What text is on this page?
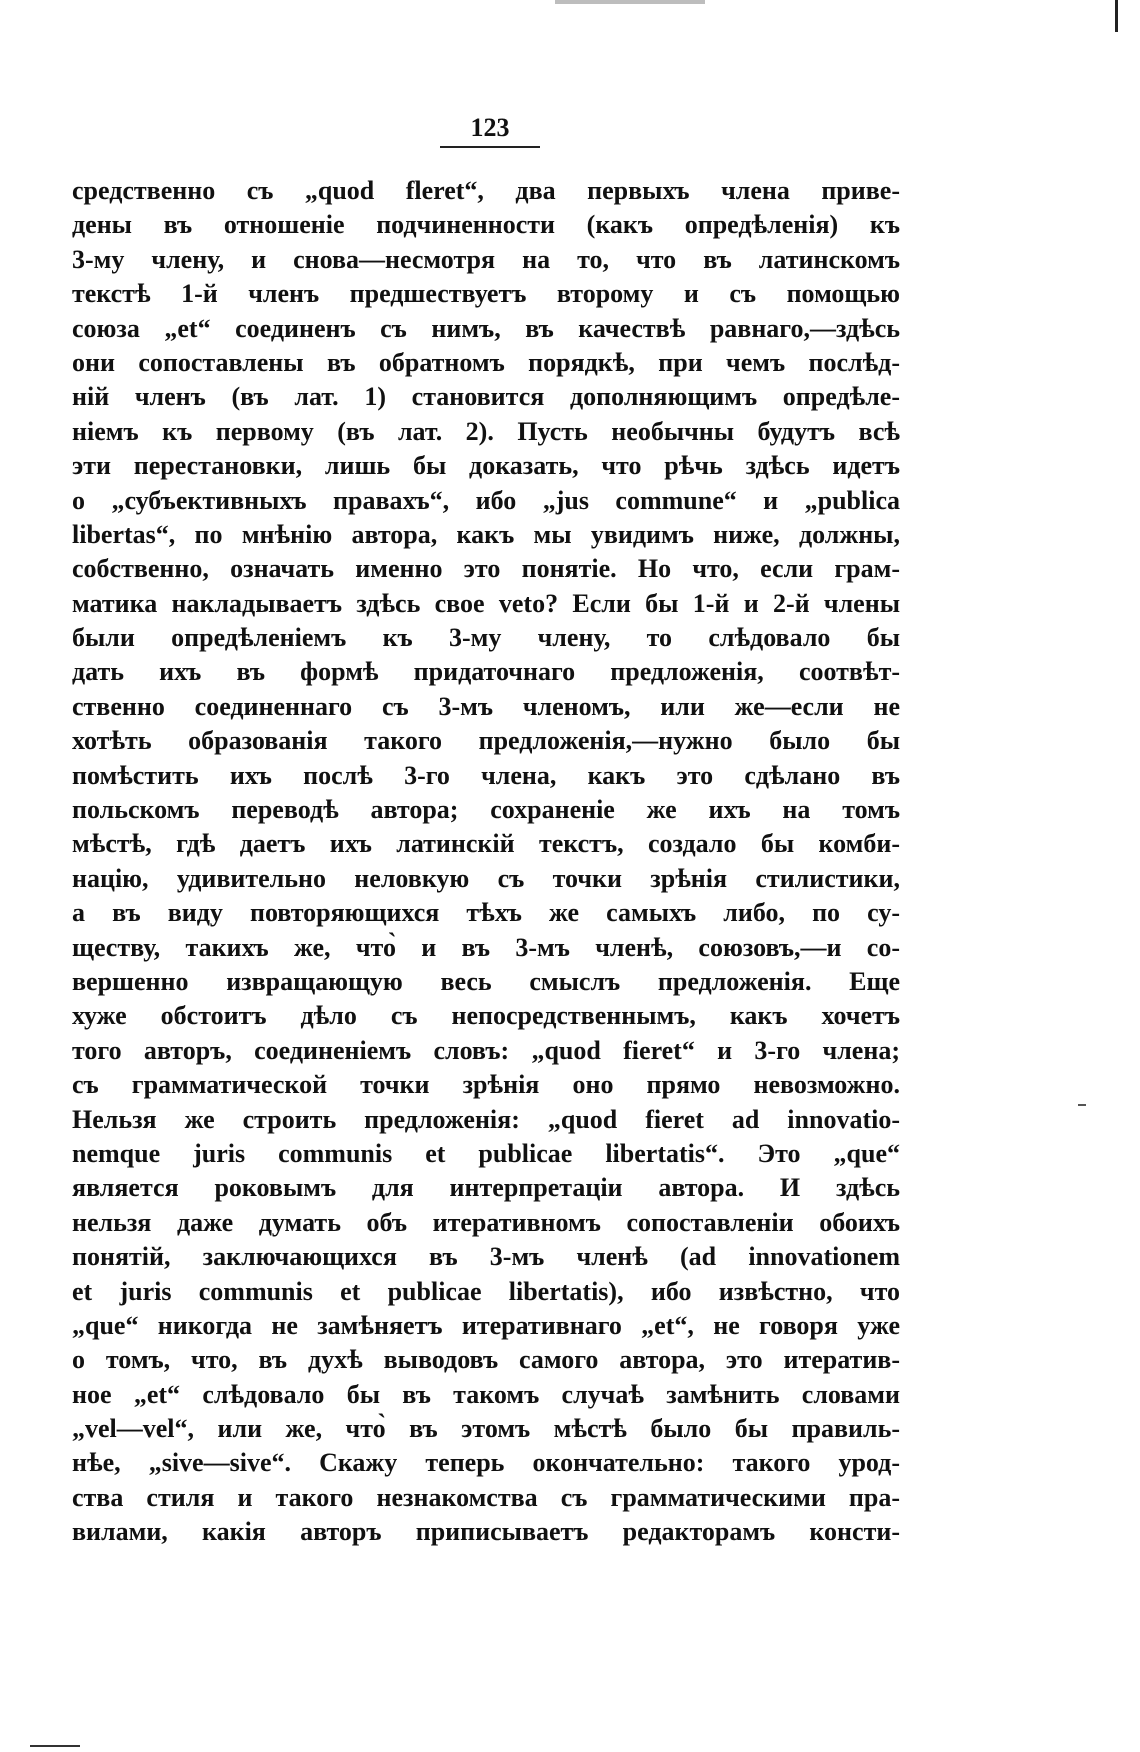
123
средственно съ „quod fleret“, два первыхъ члена приве-
дены въ отношеніе подчиненности (какъ опредѣленія) къ
3-му члену, и снова—несмотря на то, что въ латинскомъ
текстѣ 1-й членъ предшествуетъ второму и съ помощью
союза „et“ соединенъ съ нимъ, въ качествѣ равнаго,—здѣсь
они сопоставлены въ обратномъ порядкѣ, при чемъ послѣд-
ній членъ (въ лат. 1) становится дополняющимъ опредѣле-
ніемъ къ первому (въ лат. 2). Пусть необычны будутъ всѣ
эти перестановки, лишь бы доказать, что рѣчь здѣсь идетъ
о „субъективныхъ правахъ“, ибо „jus commune“ и „publica
libertas“, по мнѣнію автора, какъ мы увидимъ ниже, должны,
собственно, означать именно это понятіе. Но что, если грам-
матика накладываетъ здѣсь свое veto? Если бы 1-й и 2-й члены
были опредѣленіемъ къ 3-му члену, то слѣдовало бы
дать ихъ въ формѣ придаточнаго предложенія, соотвѣт-
ственно соединеннаго съ 3-мъ членомъ, или же—если не
хотѣть образованія такого предложенія,—нужно было бы
помѣстить ихъ послѣ 3-го члена, какъ это сдѣлано въ
польскомъ переводѣ автора; сохраненіе же ихъ на томъ
мѣстѣ, гдѣ даетъ ихъ латинскій текстъ, создало бы комби-
націю, удивительно неловкую съ точки зрѣнія стилистики,
а въ виду повторяющихся тѣхъ же самыхъ либо, по су-
ществу, такихъ же, что̀ и въ 3-мъ членѣ, союзовъ,—и со-
вершенно извращающую весь смыслъ предложенія. Еще
хуже обстоитъ дѣло съ непосредственнымъ, какъ хочетъ
того авторъ, соединеніемъ словъ: „quod fieret“ и 3-го члена;
съ грамматической точки зрѣнія оно прямо невозможно.
Нельзя же строить предложенія: „quod fieret ad innovatio-
nemque juris communis et publicae libertatis“. Это „que“
является роковымъ для интерпретаціи автора. И здѣсь
нельзя даже думать объ итеративномъ сопоставленіи обоихъ
понятій, заключающихся въ 3-мъ членѣ (ad innovationem
et juris communis et publicae libertatis), ибо извѣстно, что
„que“ никогда не замѣняетъ итеративнаго „et“, не говоря уже
о томъ, что, въ духѣ выводовъ самого автора, это итератив-
ное „et“ слѣдовало бы въ такомъ случаѣ замѣнить словами
„vel—vel“, или же, что̀ въ этомъ мѣстѣ было бы правиль-
нѣе, „sive—sive“. Скажу теперь окончательно: такого урод-
ства стиля и такого незнакомства съ грамматическими пра-
вилами, какія авторъ приписываетъ редакторамъ консти-
